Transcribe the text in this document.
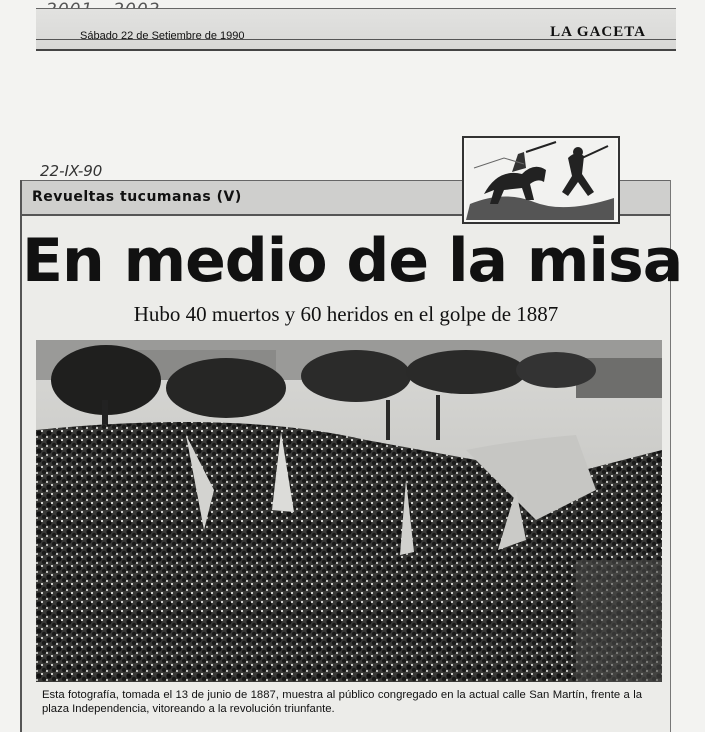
Sábado 22 de Setiembre de 1990	LA GACETA
22-IX-90
Revueltas tucumanas (V)
En medio de la misa
Hubo 40 muertos y 60 heridos en el golpe de 1887
Esta fotografía, tomada el 13 de junio de 1887, muestra al público congregado en la actual calle San Martín, frente a la plaza Independencia, vitoreando a la revolución triunfante.
